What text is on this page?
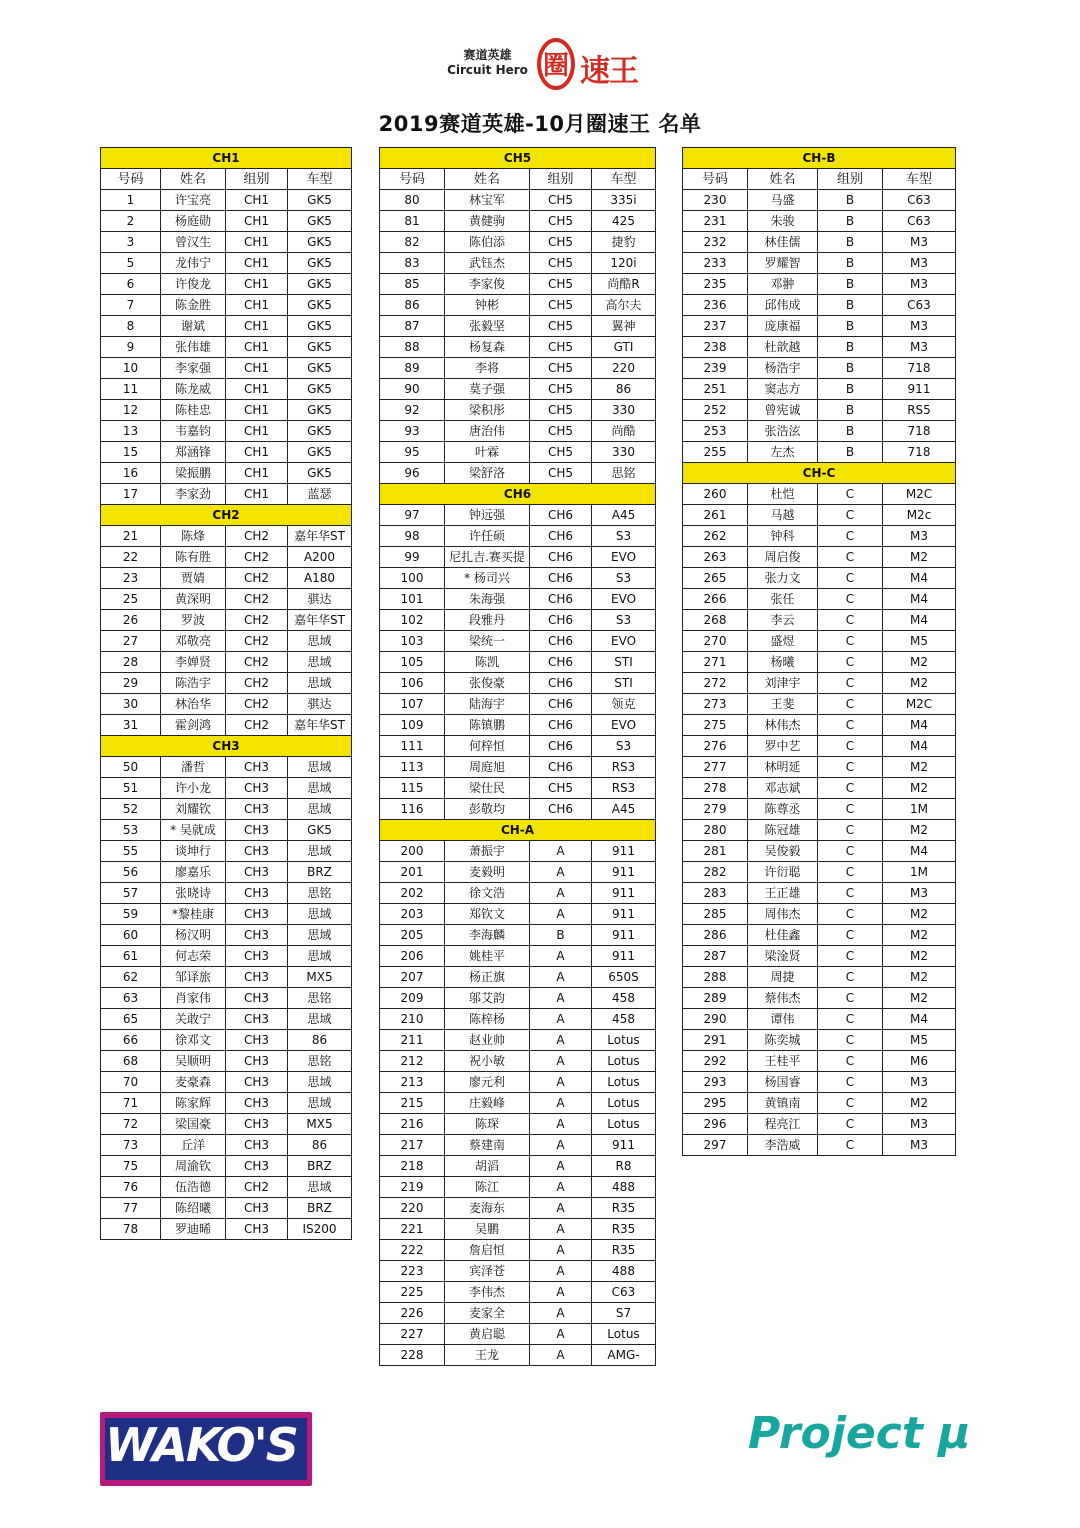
赛道英雄
Circuit Hero 圈 速王
2019赛道英雄-10月圈速王 名单
CH1			
号码	姓名	组别	车型
1	许宝亮	CH1	GK5
2	杨庭勋	CH1	GK5
3	曾汉生	CH1	GK5
5	龙伟宁	CH1	GK5
6	许俊龙	CH1	GK5
7	陈金胜	CH1	GK5
8	谢斌	CH1	GK5
9	张伟雄	CH1	GK5
10	李家强	CH1	GK5
11	陈龙威	CH1	GK5
12	陈桂忠	CH1	GK5
13	韦嘉钧	CH1	GK5
15	郑涵锋	CH1	GK5
16	梁振鹏	CH1	GK5
17	李家劲	CH1	蓝瑟
CH2			
21	陈烽	CH2	嘉年华ST
22	陈有胜	CH2	A200
23	贾婧	CH2	A180
25	黄深明	CH2	骐达
26	罗波	CH2	嘉年华ST
27	邓敬亮	CH2	思域
28	李婵贤	CH2	思域
29	陈浩宇	CH2	思域
30	林治华	CH2	骐达
31	霍剑鸿	CH2	嘉年华ST
CH3			
50	潘哲	CH3	思域
51	许小龙	CH3	思域
52	刘耀钦	CH3	思域
53	* 吴就成	CH3	GK5
55	谈坤行	CH3	思域
56	廖嘉乐	CH3	BRZ
57	张晓诗	CH3	思铭
59	*黎桂康	CH3	思域
60	杨汉明	CH3	思域
61	何志荣	CH3	思域
62	邹译旅	CH3	MX5
63	肖家伟	CH3	思铭
65	关敢宁	CH3	思域
66	徐邓文	CH3	86
68	吴顺明	CH3	思铭
70	麦豪森	CH3	思域
71	陈家辉	CH3	思域
72	梁国豪	CH3	MX5
73	丘洋	CH3	86
75	周渝钦	CH3	BRZ
76	伍浩德	CH2	思域
77	陈绍曦	CH3	BRZ
78	罗迪晞	CH3	IS200
CH5			
号码	姓名	组别	车型
80	林宝军	CH5	335i
81	黄健驹	CH5	425
82	陈伯添	CH5	捷豹
83	武钰杰	CH5	120i
85	李家俊	CH5	尚酷R
86	钟彬	CH5	高尔夫
87	张毅坚	CH5	翼神
88	杨复森	CH5	GTI
89	李将	CH5	220
90	莫子强	CH5	86
92	梁积彤	CH5	330
93	唐治伟	CH5	尚酷
95	叶霖	CH5	330
96	梁舒洛	CH5	思铭
CH6			
97	钟远强	CH6	A45
98	许任硕	CH6	S3
99	尼扎吉.赛买提	CH6	EVO
100	* 杨司兴	CH6	S3
101	朱海强	CH6	EVO
102	段雅丹	CH6	S3
103	梁统一	CH6	EVO
105	陈凯	CH6	STI
106	张俊豪	CH6	STI
107	陆海宇	CH6	领克
109	陈镇鹏	CH6	EVO
111	何梓恒	CH6	S3
113	周庭旭	CH6	RS3
115	梁仕民	CH5	RS3
116	彭敬均	CH6	A45
CH-A			
200	萧振宇	A	911
201	麦毅明	A	911
202	徐文浩	A	911
203	郑钦文	A	911
205	李海麟	B	911
206	姚桂平	A	911
207	杨正旗	A	650S
209	邬艾韵	A	458
210	陈梓杨	A	458
211	赵业帅	A	Lotus
212	祝小敏	A	Lotus
213	廖元利	A	Lotus
215	庄毅峰	A	Lotus
216	陈琛	A	Lotus
217	蔡建南	A	911
218	胡滔	A	R8
219	陈江	A	488
220	麦海东	A	R35
221	吴鹏	A	R35
222	詹启恒	A	R35
223	宾泽苍	A	488
225	李伟杰	A	C63
226	麦家全	A	S7
227	黄启聪	A	Lotus
228	王龙	A	AMG-
CH-B			
号码	姓名	组别	车型
230	马盛	B	C63
231	朱骏	B	C63
232	林佳儒	B	M3
233	罗耀智	B	M3
235	邓翀	B	M3
236	邱伟成	B	C63
237	庞康福	B	M3
238	杜歆越	B	M3
239	杨浩宇	B	718
251	窦志方	B	911
252	曾宪诚	B	RS5
253	张浩泫	B	718
255	左杰	B	718
CH-C			
260	杜恺	C	M2C
261	马越	C	M2c
262	钟科	C	M3
263	周启俊	C	M2
265	张力文	C	M4
266	张任	C	M4
268	李云	C	M4
270	盛煜	C	M5
271	杨曦	C	M2
272	刘津宇	C	M2
273	王斐	C	M2C
275	林伟杰	C	M4
276	罗中艺	C	M4
277	林明延	C	M2
278	邓志斌	C	M2
279	陈尊丞	C	1M
280	陈冠雄	C	M2
281	吴俊毅	C	M4
282	许衍聪	C	1M
283	王正雄	C	M3
285	周伟杰	C	M2
286	杜佳鑫	C	M2
287	梁淦贤	C	M2
288	周捷	C	M2
289	蔡伟杰	C	M2
290	谭伟	C	M4
291	陈奕城	C	M5
292	王桂平	C	M6
293	杨国睿	C	M3
295	黄镇南	C	M2
296	程亮江	C	M3
297	李浩威	C	M3
WAKO'S	Project μ
